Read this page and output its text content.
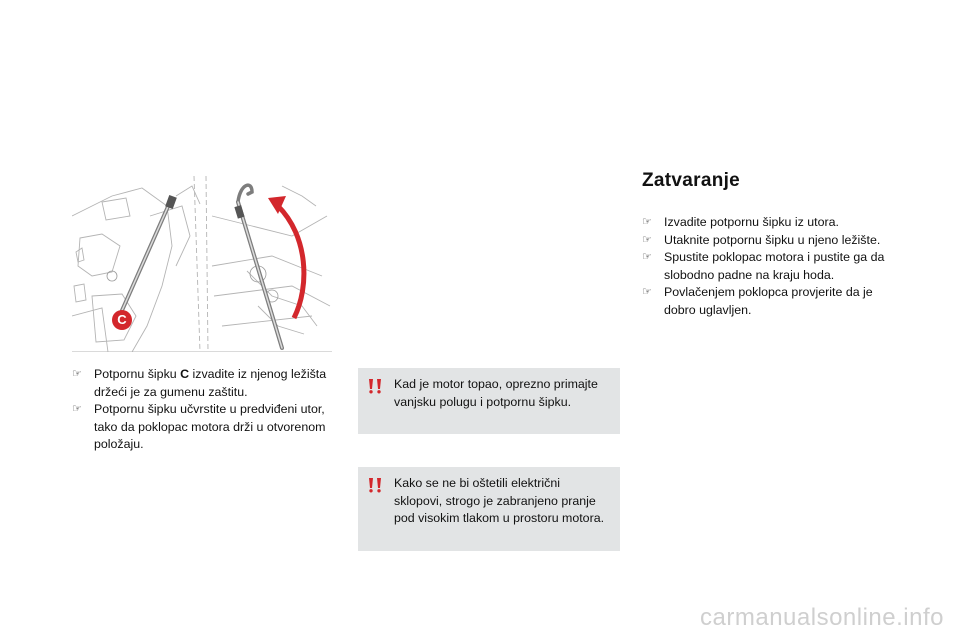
C
☞ Potpornu šipku C izvadite iz njenog ležišta držeći je za gumenu zaštitu.
☞ Potpornu šipku učvrstite u predviđeni utor, tako da poklopac motora drži u otvorenom položaju.
Kad je motor topao, oprezno primajte vanjsku polugu i potpornu šipku.
Kako se ne bi oštetili električni sklopovi, strogo je zabranjeno pranje pod visokim tlakom u prostoru motora.
Zatvaranje
☞ Izvadite potpornu šipku iz utora.
☞ Utaknite potpornu šipku u njeno ležište.
☞ Spustite poklopac motora i pustite ga da slobodno padne na kraju hoda.
☞ Povlačenjem poklopca provjerite da je dobro uglavljen.
carmanualsonline.info
